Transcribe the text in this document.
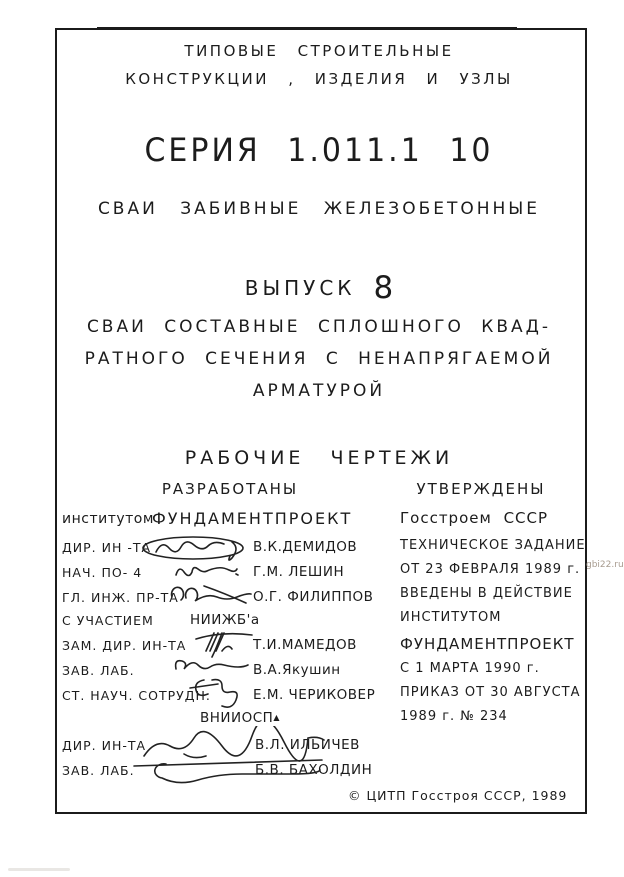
ТИПОВЫЕ СТРОИТЕЛЬНЫЕ
КОНСТРУКЦИИ , ИЗДЕЛИЯ И УЗЛЫ
СЕРИЯ 1.011.1 10
СВАИ ЗАБИВНЫЕ ЖЕЛЕЗОБЕТОННЫЕ
ВЫПУСК 8
СВАИ СОСТАВНЫЕ СПЛОШНОГО КВАД-
РАТНОГО СЕЧЕНИЯ С НЕНАПРЯГАЕМОЙ
АРМАТУРОЙ
РАБОЧИЕ ЧЕРТЕЖИ
РАЗРАБОТАНЫ	УТВЕРЖДЕНЫ
институтом
ФУНДАМЕНТПРОЕКТ
ДИР. ИН -ТА
НАЧ. ПО- 4
ГЛ. ИНЖ. ПР-ТА
С УЧАСТИЕМ
ЗАМ. ДИР. ИН-ТА
ЗАВ. ЛАБ.
СТ. НАУЧ. СОТРУДН.
ВНИИОСП▲
ДИР. ИН-ТА
ЗАВ. ЛАБ.
В.К.ДЕМИДОВ
Г.М. ЛЕШИН
О.Г. ФИЛИППОВ
НИИЖБ'а
Т.И.МАМЕДОВ
В.А.Якушин
Е.М. ЧЕРИКОВЕР
В.Л. ИЛЬИЧЕВ
Б.В. БАХОЛДИН
Госстроем СССР
ТЕХНИЧЕСКОЕ ЗАДАНИЕ
ОТ 23 ФЕВРАЛЯ 1989 г.
ВВЕДЕНЫ В ДЕЙСТВИЕ
ИНСТИТУТОМ
ФУНДАМЕНТПРОЕКТ
С 1 МАРТА 1990 г.
ПРИКАЗ ОТ 30 АВГУСТА
1989 г. № 234
© ЦИТП Госстроя СССР, 1989
gbi22.ru
